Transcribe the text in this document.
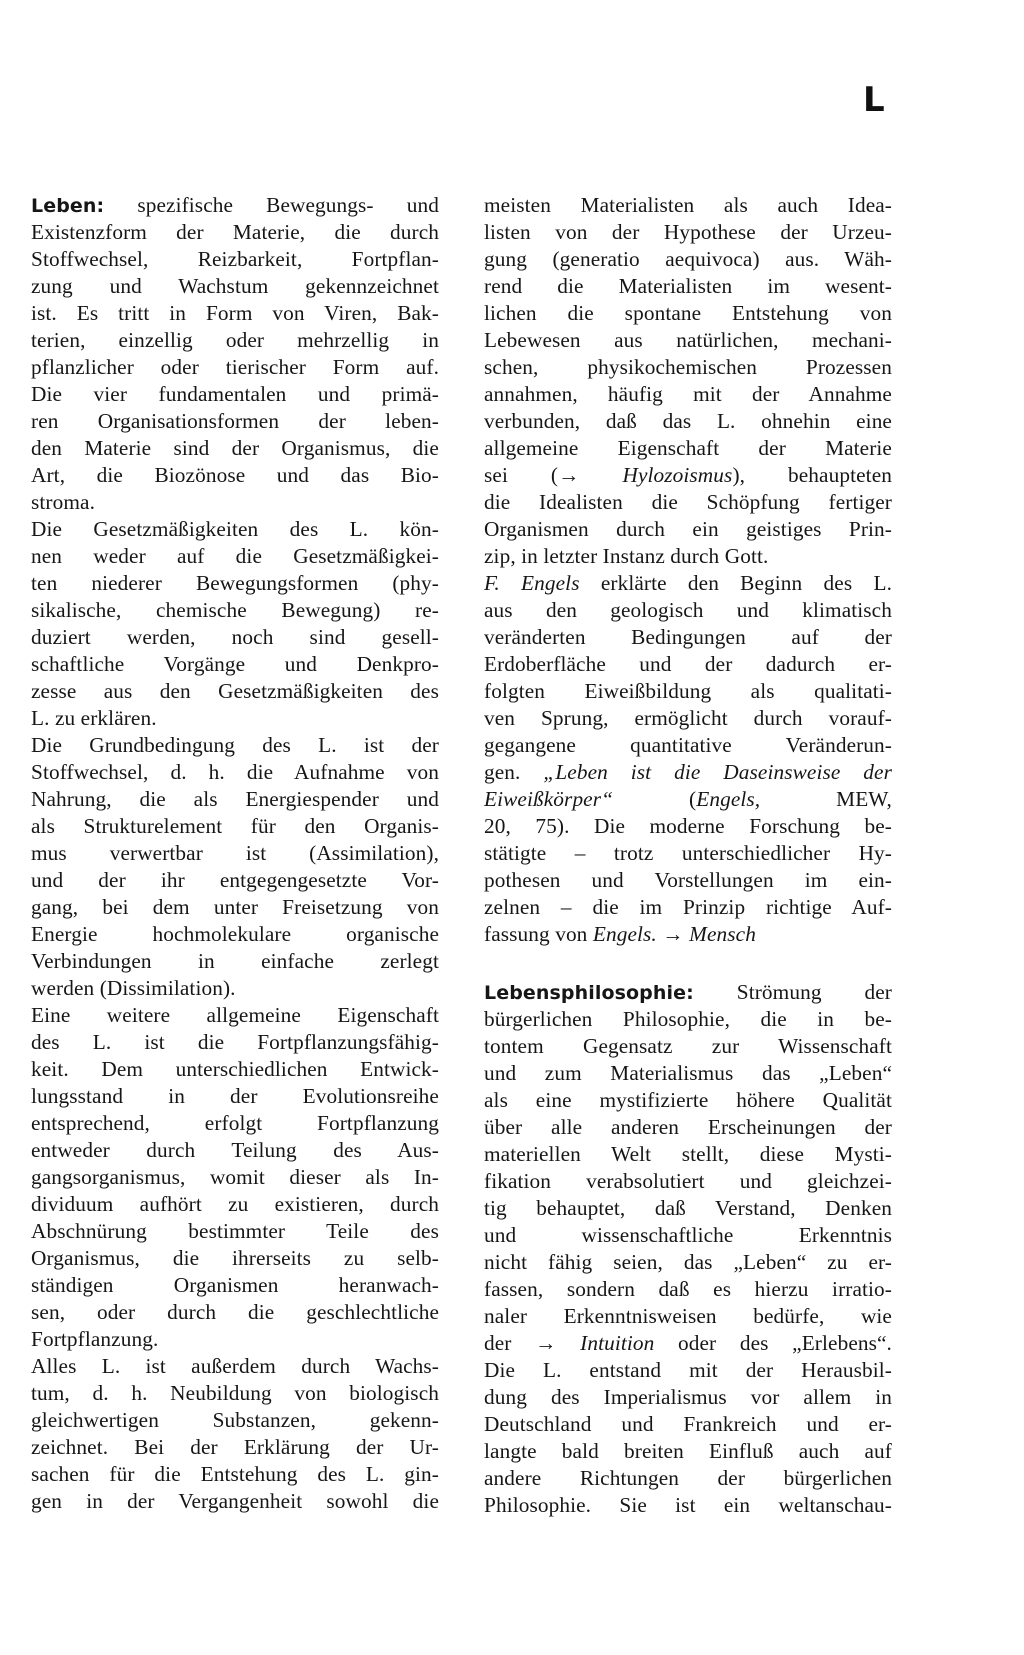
L
Leben: spezifische Bewegungs- und
Existenzform der Materie, die durch
Stoffwechsel, Reizbarkeit, Fortpflan-
zung und Wachstum gekennzeichnet
ist. Es tritt in Form von Viren, Bak-
terien, einzellig oder mehrzellig in
pflanzlicher oder tierischer Form auf.
Die vier fundamentalen und primä-
ren Organisationsformen der leben-
den Materie sind der Organismus, die
Art, die Biozönose und das Bio-
stroma.
Die Gesetzmäßigkeiten des L. kön-
nen weder auf die Gesetzmäßigkei-
ten niederer Bewegungsformen (phy-
sikalische, chemische Bewegung) re-
duziert werden, noch sind gesell-
schaftliche Vorgänge und Denkpro-
zesse aus den Gesetzmäßigkeiten des
L. zu erklären.
Die Grundbedingung des L. ist der
Stoffwechsel, d. h. die Aufnahme von
Nahrung, die als Energiespender und
als Strukturelement für den Organis-
mus verwertbar ist (Assimilation),
und der ihr entgegengesetzte Vor-
gang, bei dem unter Freisetzung von
Energie hochmolekulare organische
Verbindungen in einfache zerlegt
werden (Dissimilation).
Eine weitere allgemeine Eigenschaft
des L. ist die Fortpflanzungsfähig-
keit. Dem unterschiedlichen Entwick-
lungsstand in der Evolutionsreihe
entsprechend, erfolgt Fortpflanzung
entweder durch Teilung des Aus-
gangsorganismus, womit dieser als In-
dividuum aufhört zu existieren, durch
Abschnürung bestimmter Teile des
Organismus, die ihrerseits zu selb-
ständigen Organismen heranwach-
sen, oder durch die geschlechtliche
Fortpflanzung.
Alles L. ist außerdem durch Wachs-
tum, d. h. Neubildung von biologisch
gleichwertigen Substanzen, gekenn-
zeichnet. Bei der Erklärung der Ur-
sachen für die Entstehung des L. gin-
gen in der Vergangenheit sowohl die
meisten Materialisten als auch Idea-
listen von der Hypothese der Urzeu-
gung (generatio aequivoca) aus. Wäh-
rend die Materialisten im wesent-
lichen die spontane Entstehung von
Lebewesen aus natürlichen, mechani-
schen, physikochemischen Prozessen
annahmen, häufig mit der Annahme
verbunden, daß das L. ohnehin eine
allgemeine Eigenschaft der Materie
sei (→ Hylozoismus), behaupteten
die Idealisten die Schöpfung fertiger
Organismen durch ein geistiges Prin-
zip, in letzter Instanz durch Gott.
F. Engels erklärte den Beginn des L.
aus den geologisch und klimatisch
veränderten Bedingungen auf der
Erdoberfläche und der dadurch er-
folgten Eiweißbildung als qualitati-
ven Sprung, ermöglicht durch vorauf-
gegangene quantitative Veränderun-
gen. „Leben ist die Daseinsweise der
Eiweißkörper“ (Engels, MEW,
20, 75). Die moderne Forschung be-
stätigte – trotz unterschiedlicher Hy-
pothesen und Vorstellungen im ein-
zelnen – die im Prinzip richtige Auf-
fassung von Engels. → Mensch
Lebensphilosophie: Strömung der
bürgerlichen Philosophie, die in be-
tontem Gegensatz zur Wissenschaft
und zum Materialismus das „Leben“
als eine mystifizierte höhere Qualität
über alle anderen Erscheinungen der
materiellen Welt stellt, diese Mysti-
fikation verabsolutiert und gleichzei-
tig behauptet, daß Verstand, Denken
und wissenschaftliche Erkenntnis
nicht fähig seien, das „Leben“ zu er-
fassen, sondern daß es hierzu irratio-
naler Erkenntnisweisen bedürfe, wie
der → Intuition oder des „Erlebens“.
Die L. entstand mit der Herausbil-
dung des Imperialismus vor allem in
Deutschland und Frankreich und er-
langte bald breiten Einfluß auch auf
andere Richtungen der bürgerlichen
Philosophie. Sie ist ein weltanschau-
